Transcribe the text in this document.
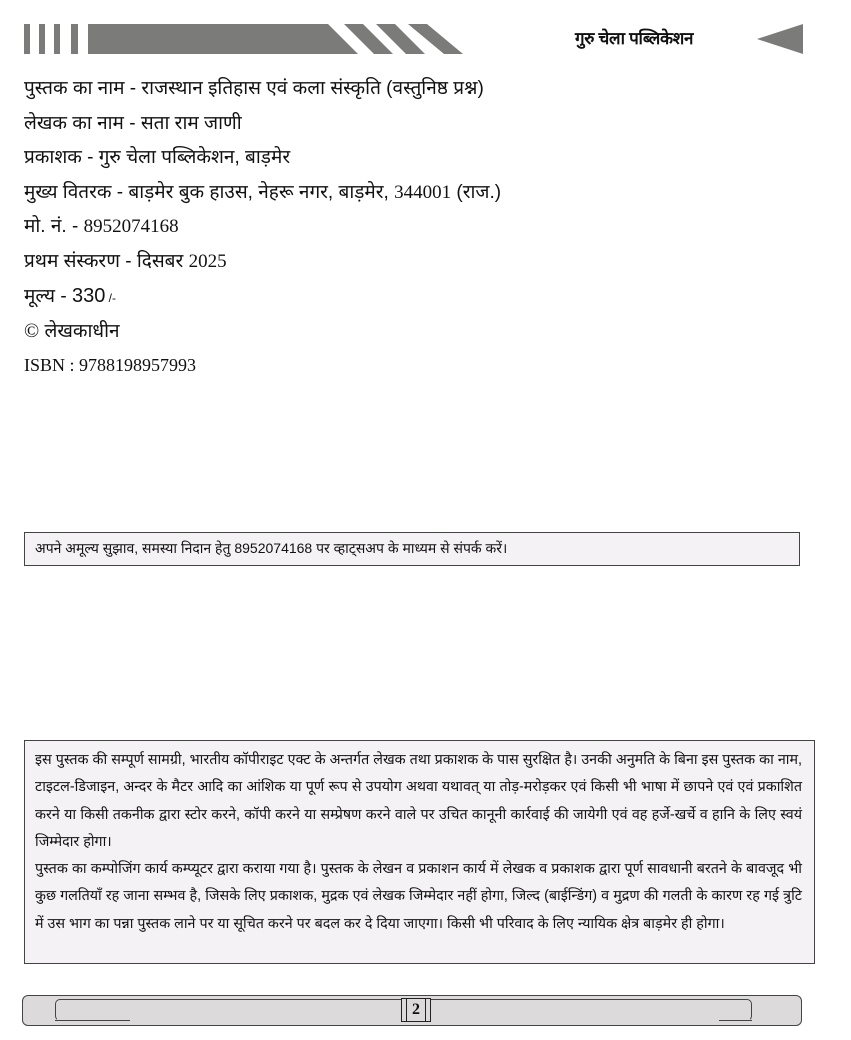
गुरु चेला पब्लिकेशन
पुस्तक का नाम - राजस्थान इतिहास एवं कला संस्कृति (वस्तुनिष्ठ प्रश्न)
लेखक का नाम - सता राम जाणी
प्रकाशक - गुरु चेला पब्लिकेशन, बाड़मेर
मुख्य वितरक - बाड़मेर बुक हाउस, नेहरू नगर, बाड़मेर, 344001 (राज.)
मो. नं. - 8952074168
प्रथम संस्करण - दिसबर 2025
मूल्य - 330 /-
© लेखकाधीन
ISBN : 9788198957993
अपने अमूल्य सुझाव, समस्या निदान हेतु 8952074168 पर व्हाट्सअप के माध्यम से संपर्क करें।

इस पुस्तक की सम्पूर्ण सामग्री, भारतीय कॉपीराइट एक्ट के अन्तर्गत लेखक तथा प्रकाशक के पास सुरक्षित है। उनकी अनुमति के बिना इस पुस्तक का नाम, टाइटल-डिजाइन, अन्दर के मैटर आदि का आंशिक या पूर्ण रूप से उपयोग अथवा यथावत् या तोड़-मरोड़कर एवं किसी भी भाषा में छापने एवं एवं प्रकाशित करने या किसी तकनीक द्वारा स्टोर करने, कॉपी करने या सम्प्रेषण करने वाले पर उचित कानूनी कार्रवाई की जायेगी एवं वह हर्जे-खर्चे व हानि के लिए स्वयं जिम्मेदार होगा।

पुस्तक का कम्पोजिंग कार्य कम्प्यूटर द्वारा कराया गया है। पुस्तक के लेखन व प्रकाशन कार्य में लेखक व प्रकाशक द्वारा पूर्ण सावधानी बरतने के बावजूद भी कुछ गलतियाँ रह जाना सम्भव है, जिसके लिए प्रकाशक, मुद्रक एवं लेखक जिम्मेदार नहीं होगा, जिल्द (बाईन्डिंग) व मुद्रण की गलती के कारण रह गई त्रुटि में उस भाग का पन्ना पुस्तक लाने पर या सूचित करने पर बदल कर दे दिया जाएगा। किसी भी परिवाद के लिए न्यायिक क्षेत्र बाड़मेर ही होगा।

2
